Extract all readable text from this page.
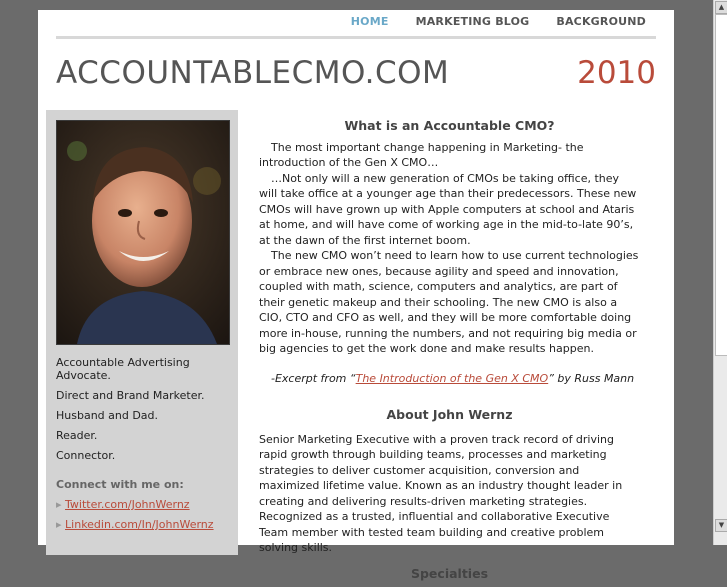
HOME	MARKETING BLOG	BACKGROUND
ACCOUNTABLECMO.COM	2010
Accountable Advertising Advocate.
Direct and Brand Marketer.
Husband and Dad.
Reader.
Connector.
Connect with me on:
▸ Twitter.com/JohnWernz
▸ Linkedin.com/In/JohnWernz
What is an Accountable CMO?

The most important change happening in Marketing- the introduction of the Gen X CMO…

…Not only will a new generation of CMOs be taking office, they will take office at a younger age than their predecessors. These new CMOs will have grown up with Apple computers at school and Ataris at home, and will have come of working age in the mid-to-late 90’s, at the dawn of the first internet boom.

The new CMO won’t need to learn how to use current technologies or embrace new ones, because agility and speed and innovation, coupled with math, science, computers and analytics, are part of their genetic makeup and their schooling. The new CMO is also a CIO, CTO and CFO as well, and they will be more comfortable doing more in-house, running the numbers, and not requiring big media or big agencies to get the work done and make results happen.

-Excerpt from “The Introduction of the Gen X CMO” by Russ Mann

About John Wernz

Senior Marketing Executive with a proven track record of driving rapid growth through building teams, processes and marketing strategies to deliver customer acquisition, conversion and maximized lifetime value. Known as an industry thought leader in creating and delivering results-driven marketing strategies. Recognized as a trusted, influential and collaborative Executive Team member with tested team building and creative problem solving skills.

Specialties
▲
▼
